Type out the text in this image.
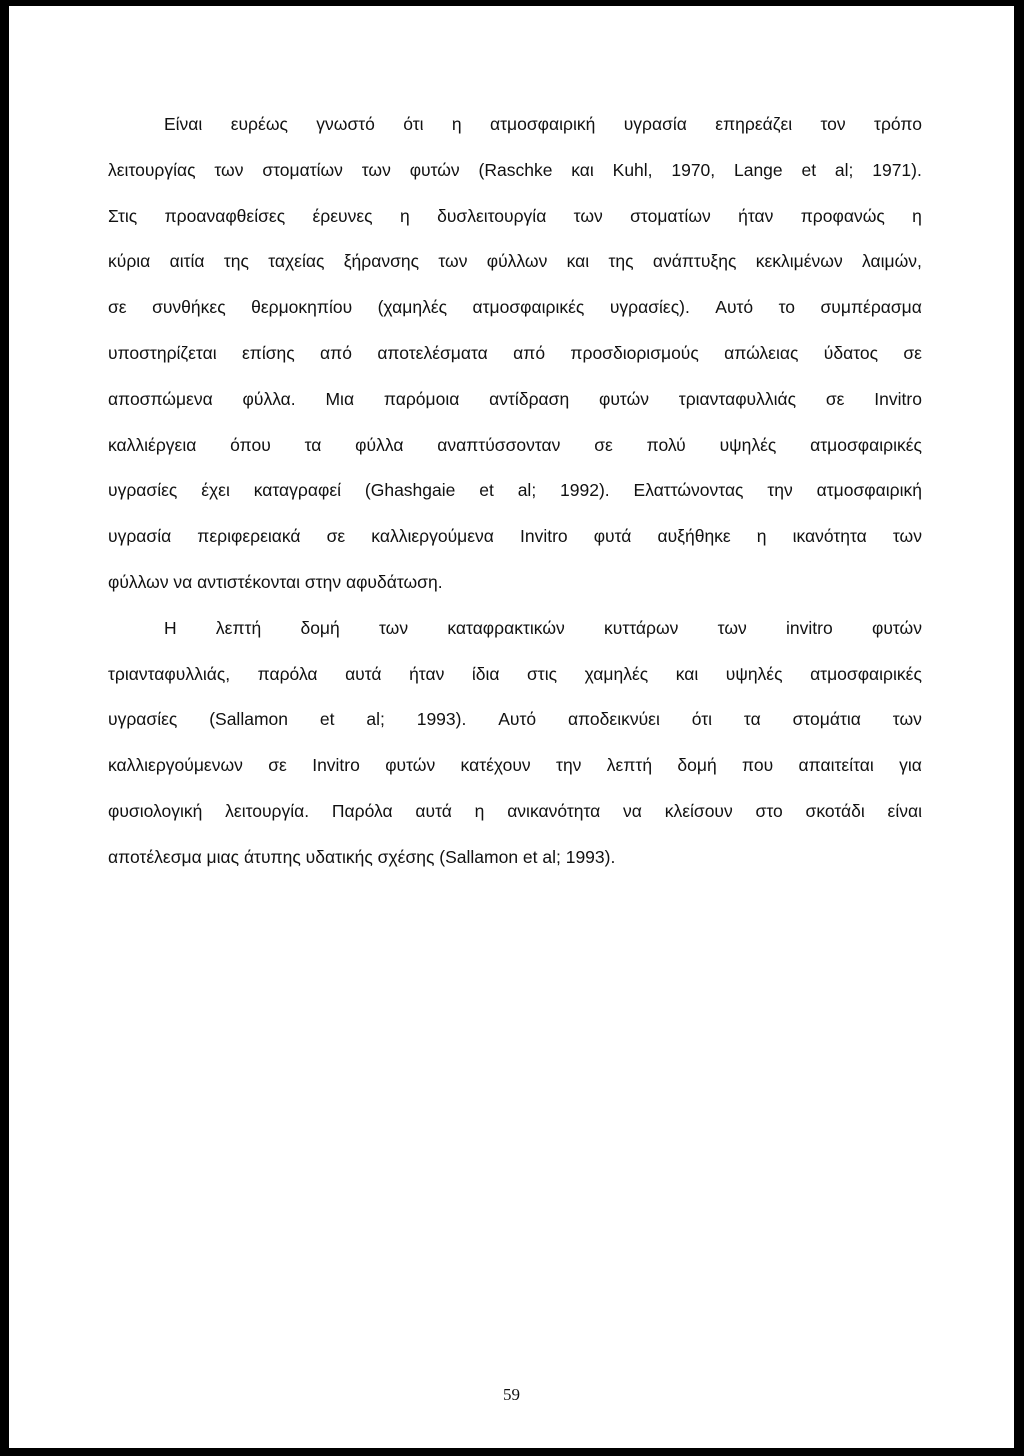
Είναι ευρέως γνωστό ότι η ατμοσφαιρική υγρασία επηρεάζει τον τρόπο
λειτουργίας των στοματίων των φυτών (Raschke και Kuhl, 1970, Lange et al; 1971).
Στις προαναφθείσες έρευνες η δυσλειτουργία των στοματίων ήταν προφανώς η
κύρια αιτία της ταχείας ξήρανσης των φύλλων και της ανάπτυξης κεκλιμένων λαιμών,
σε συνθήκες θερμοκηπίου (χαμηλές ατμοσφαιρικές υγρασίες). Αυτό το συμπέρασμα
υποστηρίζεται επίσης από αποτελέσματα από προσδιορισμούς απώλειας ύδατος σε
αποσπώμενα φύλλα. Μια παρόμοια αντίδραση φυτών τριανταφυλλιάς σε Invitro
καλλιέργεια όπου τα φύλλα αναπτύσσονταν σε πολύ υψηλές ατμοσφαιρικές
υγρασίες έχει καταγραφεί (Ghashgaie et al; 1992). Ελαττώνοντας την ατμοσφαιρική
υγρασία περιφερειακά σε καλλιεργούμενα Invitro φυτά αυξήθηκε η ικανότητα των
φύλλων να αντιστέκονται στην αφυδάτωση.
Η λεπτή δομή των καταφρακτικών κυττάρων των invitro φυτών
τριανταφυλλιάς, παρόλα αυτά ήταν ίδια στις χαμηλές και υψηλές ατμοσφαιρικές
υγρασίες (Sallamon et al; 1993). Αυτό αποδεικνύει ότι τα στομάτια των
καλλιεργούμενων σε Invitro φυτών κατέχουν την λεπτή δομή που απαιτείται για
φυσιολογική λειτουργία. Παρόλα αυτά η ανικανότητα να κλείσουν στο σκοτάδι είναι
αποτέλεσμα μιας άτυπης υδατικής σχέσης (Sallamon et al; 1993).
59
